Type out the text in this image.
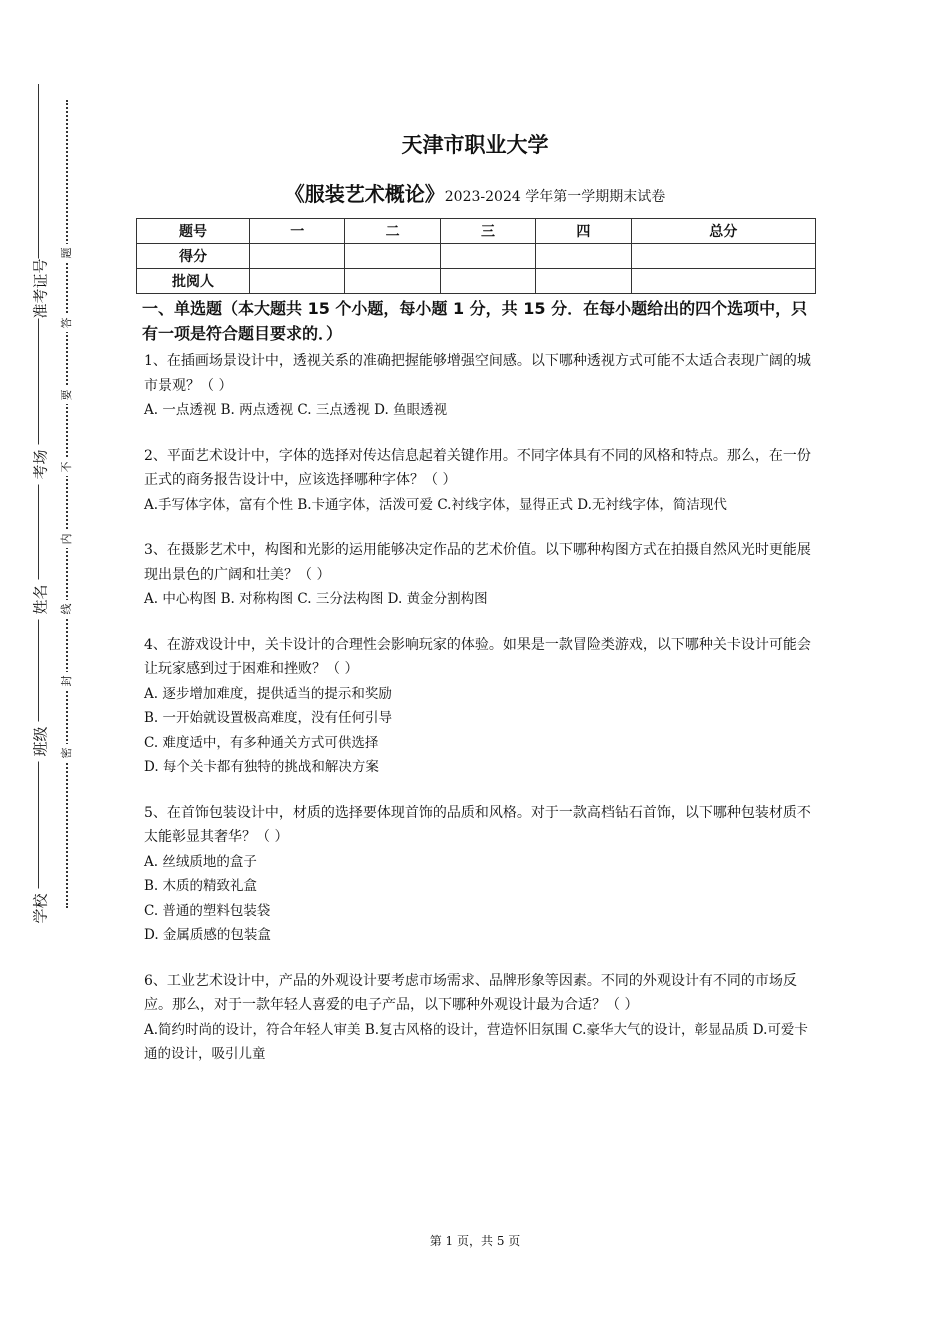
准考证号
考场
姓名
班级
学校
题
答
要
不
内
线
封
密
天津市职业大学
《服装艺术概论》2023-2024 学年第一学期期末试卷
题号	一	二	三	四	总分
得分					
批阅人					
一、单选题（本大题共 15 个小题，每小题 1 分，共 15 分．在每小题给出的四个选项中，只有一项是符合题目要求的．）
1、在插画场景设计中，透视关系的准确把握能够增强空间感。以下哪种透视方式可能不太适合表现广阔的城市景观？（ ）
A. 一点透视 B. 两点透视 C. 三点透视 D. 鱼眼透视
2、平面艺术设计中，字体的选择对传达信息起着关键作用。不同字体具有不同的风格和特点。那么，在一份正式的商务报告设计中，应该选择哪种字体？（ ）
A.手写体字体，富有个性 B.卡通字体，活泼可爱 C.衬线字体，显得正式 D.无衬线字体，简洁现代
3、在摄影艺术中，构图和光影的运用能够决定作品的艺术价值。以下哪种构图方式在拍摄自然风光时更能展现出景色的广阔和壮美？（ ）
A. 中心构图 B. 对称构图 C. 三分法构图 D. 黄金分割构图
4、在游戏设计中，关卡设计的合理性会影响玩家的体验。如果是一款冒险类游戏，以下哪种关卡设计可能会让玩家感到过于困难和挫败？（ ）
A. 逐步增加难度，提供适当的提示和奖励
B. 一开始就设置极高难度，没有任何引导
C. 难度适中，有多种通关方式可供选择
D. 每个关卡都有独特的挑战和解决方案
5、在首饰包装设计中，材质的选择要体现首饰的品质和风格。对于一款高档钻石首饰，以下哪种包装材质不太能彰显其奢华？（ ）
A. 丝绒质地的盒子
B. 木质的精致礼盒
C. 普通的塑料包装袋
D. 金属质感的包装盒
6、工业艺术设计中，产品的外观设计要考虑市场需求、品牌形象等因素。不同的外观设计有不同的市场反应。那么，对于一款年轻人喜爱的电子产品，以下哪种外观设计最为合适？（ ）
A.简约时尚的设计，符合年轻人审美 B.复古风格的设计，营造怀旧氛围 C.豪华大气的设计，彰显品质 D.可爱卡通的设计，吸引儿童
第 1 页，共 5 页
